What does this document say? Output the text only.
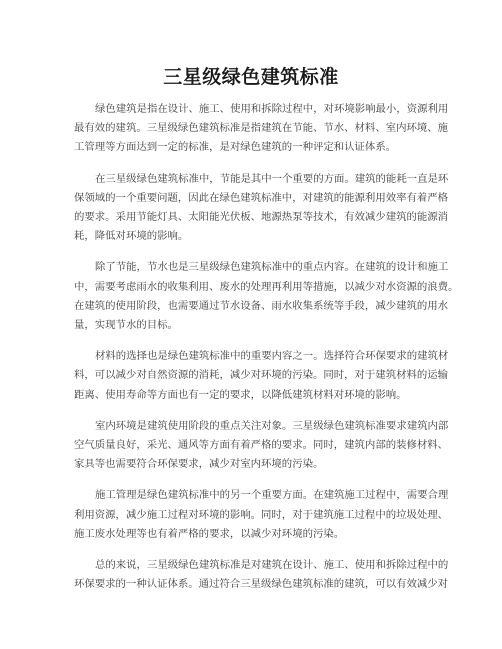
三星级绿色建筑标准

绿色建筑是指在设计、施工、使用和拆除过程中，对环境影响最小，资源利用
最有效的建筑。三星级绿色建筑标准是指建筑在节能、节水、材料、室内环境、施
工管理等方面达到一定的标准，是对绿色建筑的一种评定和认证体系。

在三星级绿色建筑标准中，节能是其中一个重要的方面。建筑的能耗一直是环
保领域的一个重要问题，因此在绿色建筑标准中，对建筑的能源利用效率有着严格
的要求。采用节能灯具、太阳能光伏板、地源热泵等技术，有效减少建筑的能源消
耗，降低对环境的影响。

除了节能，节水也是三星级绿色建筑标准中的重点内容。在建筑的设计和施工
中，需要考虑雨水的收集利用、废水的处理再利用等措施，以减少对水资源的浪费。
在建筑的使用阶段，也需要通过节水设备、雨水收集系统等手段，减少建筑的用水
量，实现节水的目标。

材料的选择也是绿色建筑标准中的重要内容之一。选择符合环保要求的建筑材
料，可以减少对自然资源的消耗，减少对环境的污染。同时，对于建筑材料的运输
距离、使用寿命等方面也有一定的要求，以降低建筑材料对环境的影响。

室内环境是建筑使用阶段的重点关注对象。三星级绿色建筑标准要求建筑内部
空气质量良好，采光、通风等方面有着严格的要求。同时，建筑内部的装修材料、
家具等也需要符合环保要求，减少对室内环境的污染。

施工管理是绿色建筑标准中的另一个重要方面。在建筑施工过程中，需要合理
利用资源，减少施工过程对环境的影响。同时，对于建筑施工过程中的垃圾处理、
施工废水处理等也有着严格的要求，以减少对环境的污染。

总的来说，三星级绿色建筑标准是对建筑在设计、施工、使用和拆除过程中的
环保要求的一种认证体系。通过符合三星级绿色建筑标准的建筑，可以有效减少对
